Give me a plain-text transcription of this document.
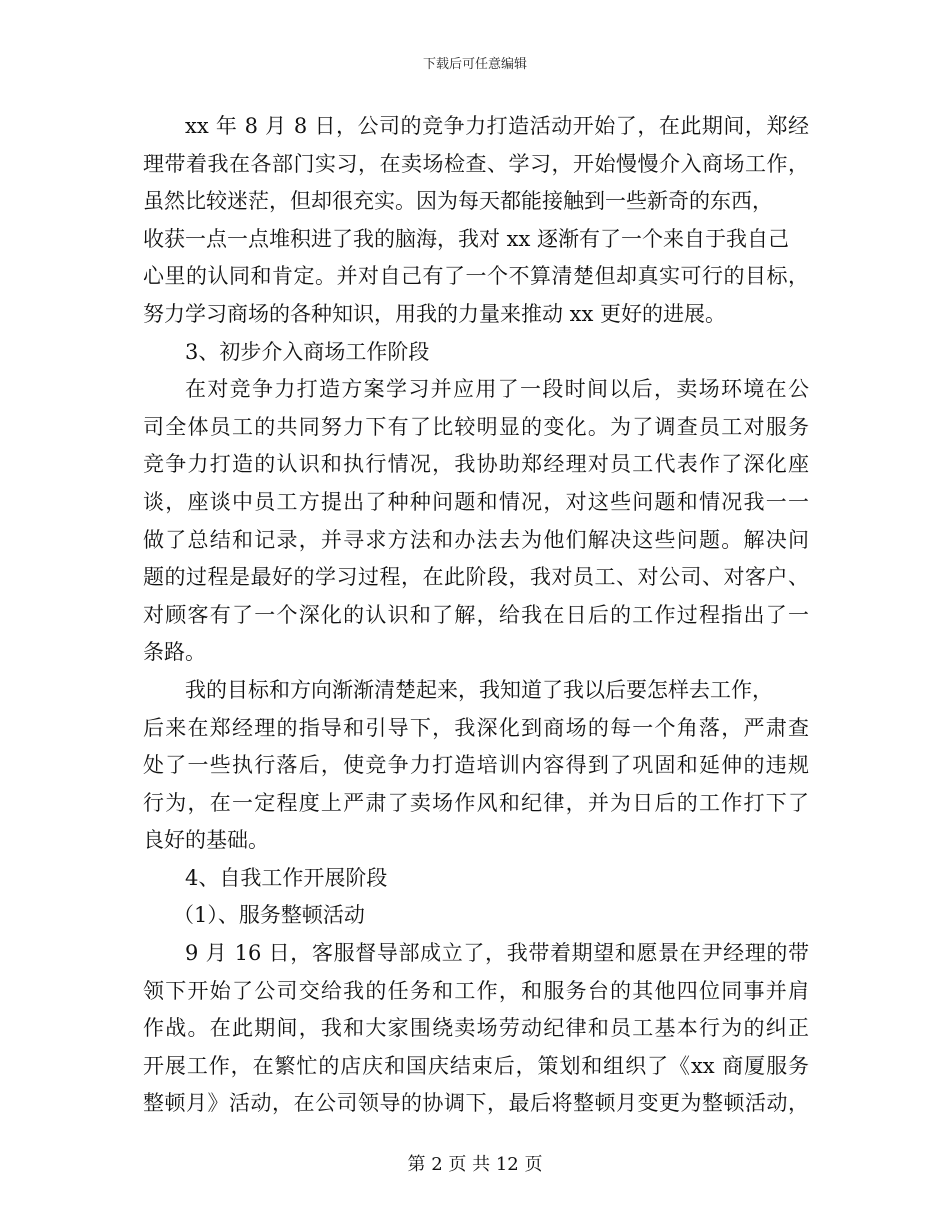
下载后可任意编辑
xx 年 8 月 8 日，公司的竞争力打造活动开始了，在此期间，郑经
理带着我在各部门实习，在卖场检查、学习，开始慢慢介入商场工作，
虽然比较迷茫，但却很充实。因为每天都能接触到一些新奇的东西，
收获一点一点堆积进了我的脑海，我对 xx 逐渐有了一个来自于我自己
心里的认同和肯定。并对自己有了一个不算清楚但却真实可行的目标，
努力学习商场的各种知识，用我的力量来推动 xx 更好的进展。
3、初步介入商场工作阶段
在对竞争力打造方案学习并应用了一段时间以后，卖场环境在公
司全体员工的共同努力下有了比较明显的变化。为了调查员工对服务
竞争力打造的认识和执行情况，我协助郑经理对员工代表作了深化座
谈，座谈中员工方提出了种种问题和情况，对这些问题和情况我一一
做了总结和记录，并寻求方法和办法去为他们解决这些问题。解决问
题的过程是最好的学习过程，在此阶段，我对员工、对公司、对客户、
对顾客有了一个深化的认识和了解，给我在日后的工作过程指出了一
条路。
我的目标和方向渐渐清楚起来，我知道了我以后要怎样去工作，
后来在郑经理的指导和引导下，我深化到商场的每一个角落，严肃查
处了一些执行落后，使竞争力打造培训内容得到了巩固和延伸的违规
行为，在一定程度上严肃了卖场作风和纪律，并为日后的工作打下了
良好的基础。
4、自我工作开展阶段
（1）、服务整顿活动
9 月 16 日，客服督导部成立了，我带着期望和愿景在尹经理的带
领下开始了公司交给我的任务和工作，和服务台的其他四位同事并肩
作战。在此期间，我和大家围绕卖场劳动纪律和员工基本行为的纠正
开展工作，在繁忙的店庆和国庆结束后，策划和组织了《xx 商厦服务
整顿月》活动，在公司领导的协调下，最后将整顿月变更为整顿活动，
第 2 页 共 12 页
